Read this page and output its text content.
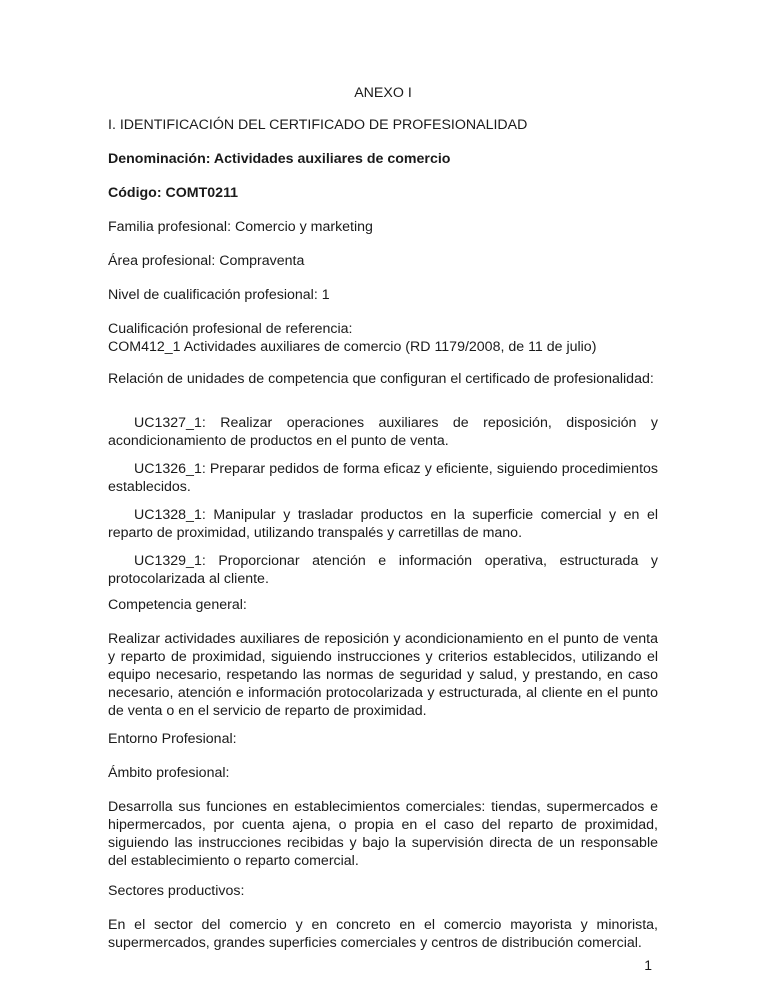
ANEXO I

I. IDENTIFICACIÓN DEL CERTIFICADO DE PROFESIONALIDAD

Denominación: Actividades auxiliares de comercio

Código: COMT0211

Familia profesional: Comercio y marketing

Área profesional: Compraventa

Nivel de cualificación profesional: 1

Cualificación profesional de referencia:
COM412_1 Actividades auxiliares de comercio (RD 1179/2008, de 11 de julio)

Relación de unidades de competencia que configuran el certificado de profesionalidad:

UC1327_1: Realizar operaciones auxiliares de reposición, disposición y acondicionamiento de productos en el punto de venta.

UC1326_1: Preparar pedidos de forma eficaz y eficiente, siguiendo procedimientos establecidos.

UC1328_1: Manipular y trasladar productos en la superficie comercial y en el reparto de proximidad, utilizando transpalés y carretillas de mano.

UC1329_1: Proporcionar atención e información operativa, estructurada y protocolarizada al cliente.

Competencia general:

Realizar actividades auxiliares de reposición y acondicionamiento en el punto de venta y reparto de proximidad, siguiendo instrucciones y criterios establecidos, utilizando el equipo necesario, respetando las normas de seguridad y salud, y prestando, en caso necesario, atención e información protocolarizada y estructurada, al cliente en el punto de venta o en el servicio de reparto de proximidad.

Entorno Profesional:

Ámbito profesional:

Desarrolla sus funciones en establecimientos comerciales: tiendas, supermercados e hipermercados, por cuenta ajena, o propia en el caso del reparto de proximidad, siguiendo las instrucciones recibidas y bajo la supervisión directa de un responsable del establecimiento o reparto comercial.

Sectores productivos:

En el sector del comercio y en concreto en el comercio mayorista y minorista, supermercados, grandes superficies comerciales y centros de distribución comercial.

1
